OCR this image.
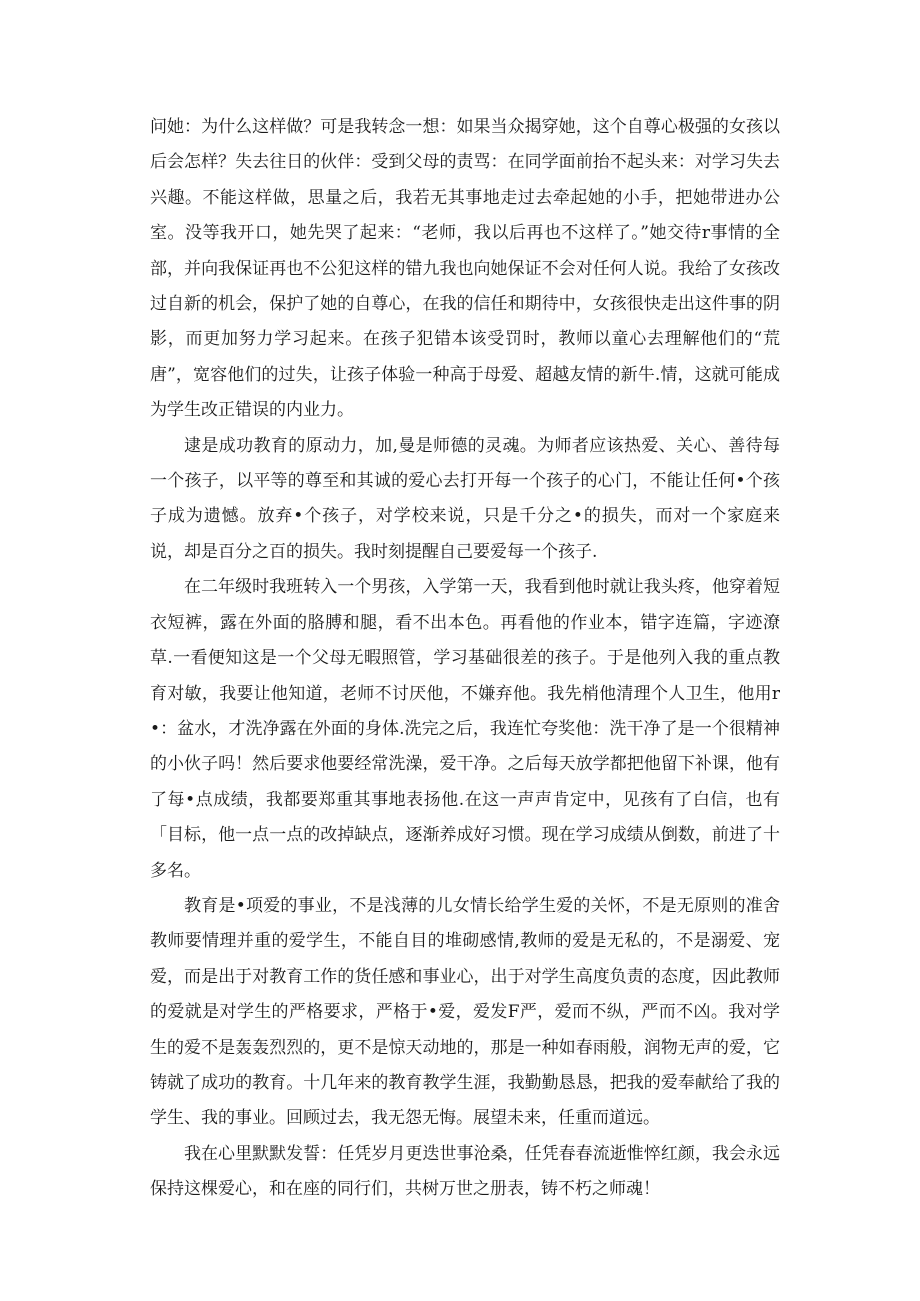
问她：为什么这样做？可是我转念一想：如果当众揭穿她，这个自尊心极强的女孩以后会怎样？失去往日的伙伴：受到父母的责骂：在同学面前抬不起头来：对学习失去兴趣。不能这样做，思量之后，我若无其事地走过去牵起她的小手，把她带进办公室。没等我开口，她先哭了起来：“老师，我以后再也不这样了。”她交待r事情的全部，并向我保证再也不公犯这样的错九我也向她保证不会对任何人说。我给了女孩改过自新的机会，保护了她的自尊心，在我的信任和期待中，女孩很快走出这件事的阴影，而更加努力学习起来。在孩子犯错本该受罚时，教师以童心去理解他们的“荒唐”，宽容他们的过失，让孩子体验一种高于母爱、超越友情的新牛.情，这就可能成为学生改正错误的内业力。

逮是成功教育的原动力，加,曼是师德的灵魂。为师者应该热爱、关心、善待每一个孩子，以平等的尊至和其诚的爱心去打开每一个孩子的心门，不能让任何•个孩子成为遗憾。放弃•个孩子，对学校来说，只是千分之•的损失，而对一个家庭来说，却是百分之百的损失。我时刻提醒自己要爱每一个孩子.

在二年级时我班转入一个男孩，入学第一天，我看到他时就让我头疼，他穿着短衣短裤，露在外面的胳膊和腿，看不出本色。再看他的作业本，错字连篇，字迹潦草.一看便知这是一个父母无暇照管，学习基础很差的孩子。于是他列入我的重点教育对敏，我要让他知道，老师不讨厌他，不嫌弃他。我先梢他清理个人卫生，他用r•：盆水，才洗净露在外面的身体.洗完之后，我连忙夸奖他：洗干净了是一个很精神的小伙子吗！然后要求他要经常洗澡，爱干净。之后每天放学都把他留下补课，他有了每•点成绩，我都要郑重其事地表扬他.在这一声声肯定中，见孩有了白信，也有「目标，他一点一点的改掉缺点，逐渐养成好习惯。现在学习成绩从倒数，前进了十多名。

教育是•项爱的事业，不是浅薄的儿女情长给学生爱的关怀，不是无原则的准舍教师要情理并重的爱学生，不能自目的堆砌感情,教师的爱是无私的，不是溺爱、宠爱，而是出于对教育工作的货任感和事业心，出于对学生高度负责的态度，因此教师的爱就是对学生的严格要求，严格于•爱，爱发F严，爱而不纵，严而不凶。我对学生的爱不是轰轰烈烈的，更不是惊天动地的，那是一种如春雨般，润物无声的爱，它铸就了成功的教育。十几年来的教育教学生涯，我勤勤恳恳，把我的爱奉献给了我的学生、我的事业。回顾过去，我无怨无悔。展望未来，任重而道远。

我在心里默默发誓：任凭岁月更迭世事沧桑，任凭春春流逝惟悴红颜，我会永远保持这棵爱心，和在座的同行们，共树万世之册表，铸不朽之师魂！
